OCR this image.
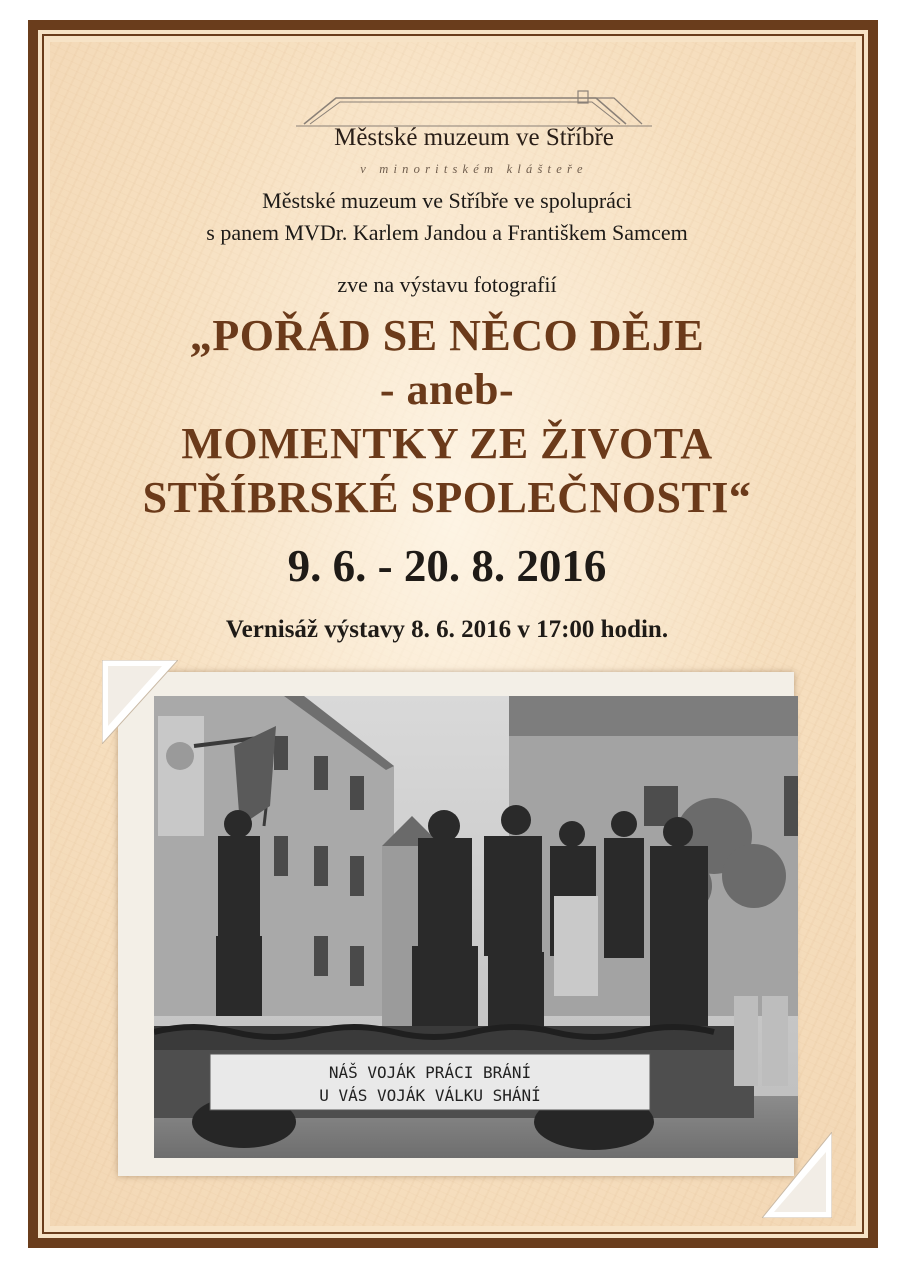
Městské muzeum ve Stříbře
v minoritském klášteře
Městské muzeum ve Stříbře ve spolupráci
s panem MVDr. Karlem Jandou a Františkem Samcem
zve na výstavu fotografií
„POŘÁD SE NĚCO DĚJE
- aneb-
MOMENTKY ZE ŽIVOTA
STŘÍBRSKÉ SPOLEČNOSTI“
9. 6. - 20. 8. 2016
Vernisáž výstavy 8. 6. 2016 v 17:00 hodin.
NÁŠ VOJÁK PRÁCI BRÁNÍ
U VÁS VOJÁK VÁLKU SHÁNÍ
